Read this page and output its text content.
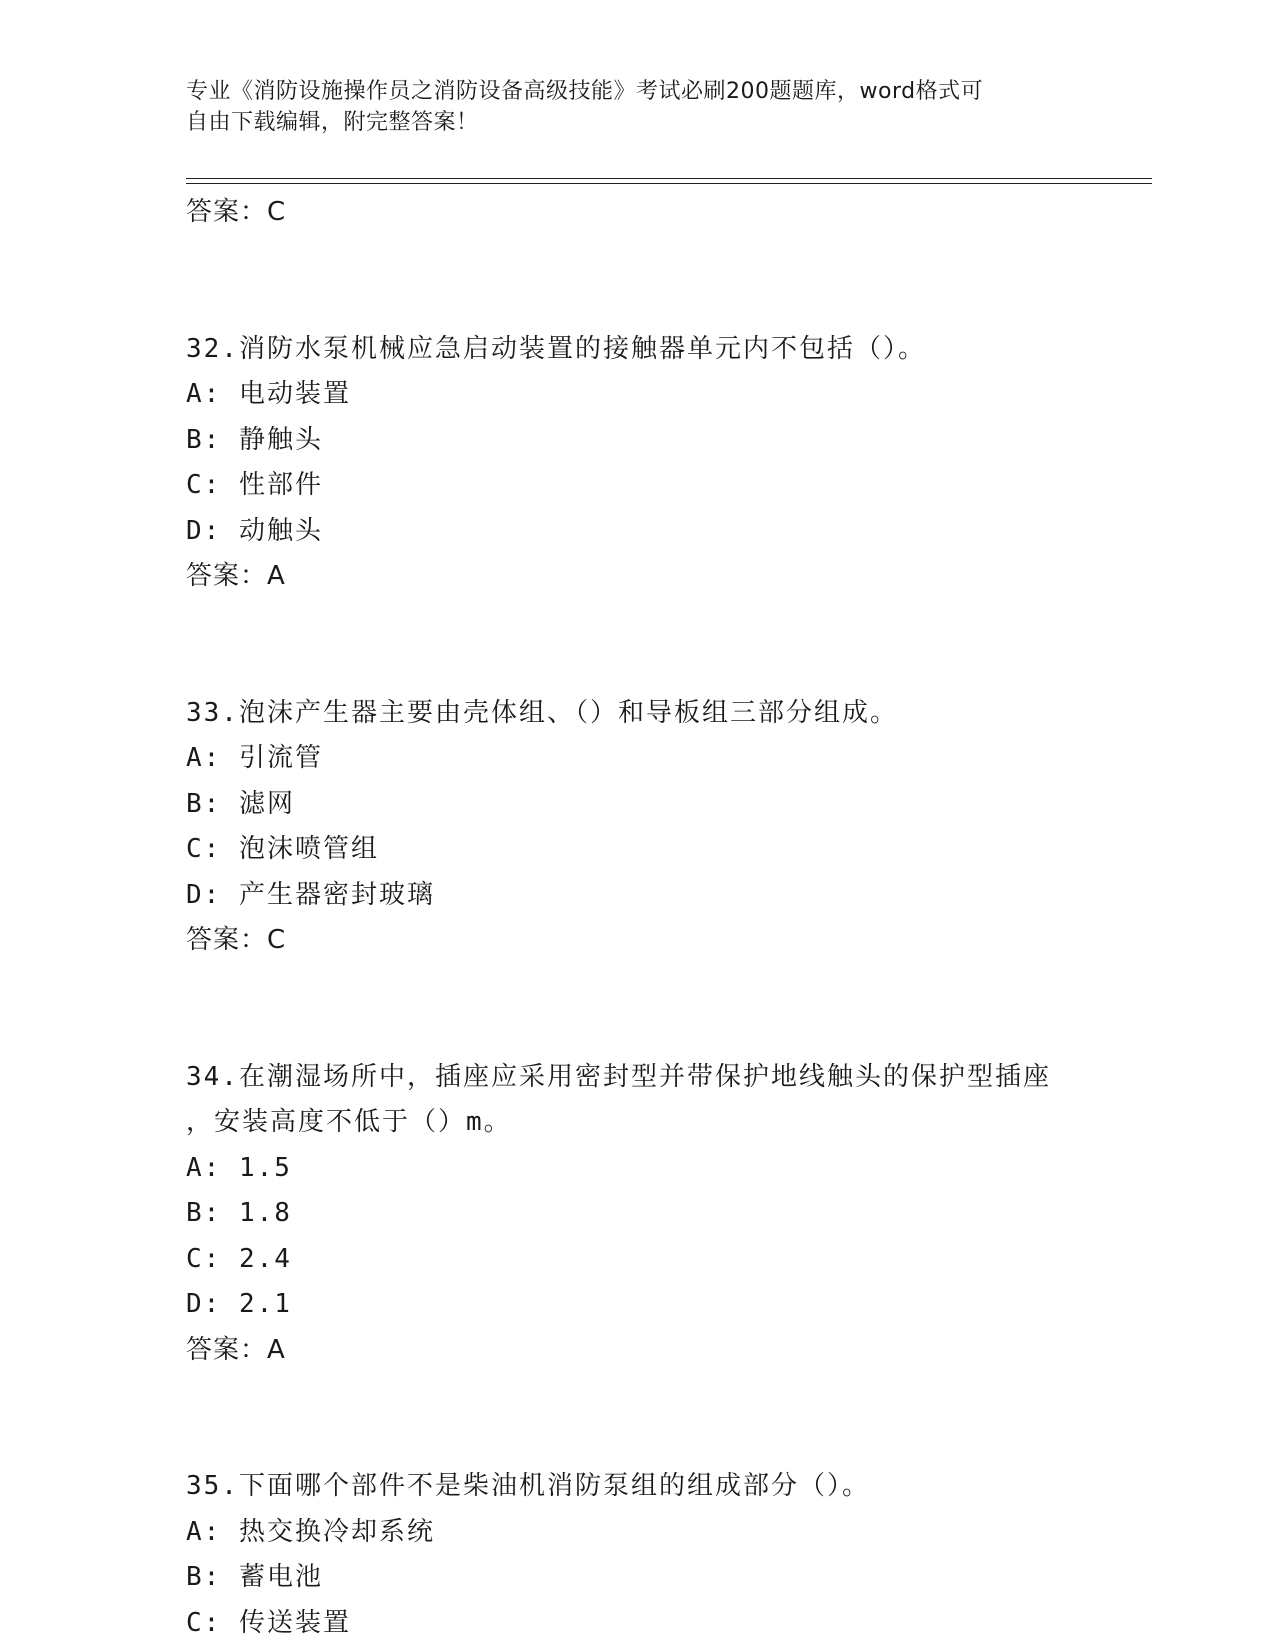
专业《消防设施操作员之消防设备高级技能》考试必刷200题题库，word格式可
自由下载编辑，附完整答案！
答案：C
32.消防水泵机械应急启动装置的接触器单元内不包括（）。
A: 电动装置
B: 静触头
C: 性部件
D: 动触头
答案：A
33.泡沫产生器主要由壳体组、（）和导板组三部分组成。
A: 引流管
B: 滤网
C: 泡沫喷管组
D: 产生器密封玻璃
答案：C
34.在潮湿场所中，插座应采用密封型并带保护地线触头的保护型插座
，安装高度不低于（）m。
A: 1.5
B: 1.8
C: 2.4
D: 2.1
答案：A
35.下面哪个部件不是柴油机消防泵组的组成部分（）。
A: 热交换冷却系统
B: 蓄电池
C: 传送装置
